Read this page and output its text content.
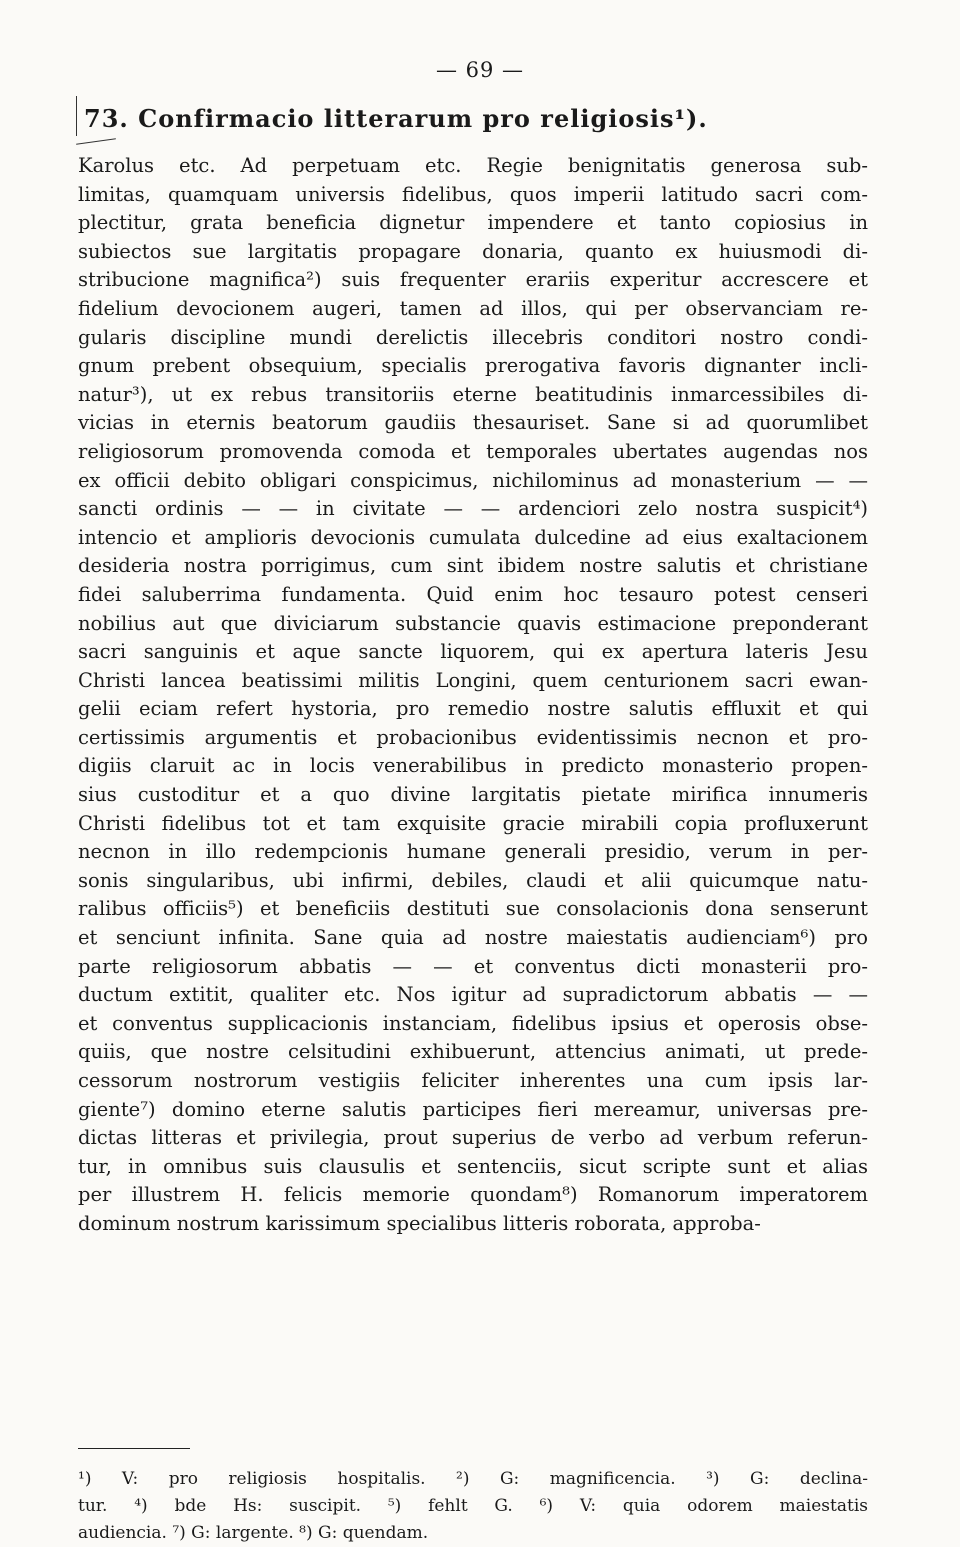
— 69 —
73. Confirmacio litterarum pro religiosis¹).
Karolus etc. Ad perpetuam etc. Regie benignitatis generosa sub-
limitas, quamquam universis fidelibus, quos imperii latitudo sacri com-
plectitur, grata beneficia dignetur impendere et tanto copiosius in
subiectos sue largitatis propagare donaria, quanto ex huiusmodi di-
stribucione magnifica²) suis frequenter erariis experitur accrescere et
fidelium devocionem augeri, tamen ad illos, qui per observanciam re-
gularis discipline mundi derelictis illecebris conditori nostro condi-
gnum prebent obsequium, specialis prerogativa favoris dignanter incli-
natur³), ut ex rebus transitoriis eterne beatitudinis inmarcessibiles di-
vicias in eternis beatorum gaudiis thesauriset. Sane si ad quorumlibet
religiosorum promovenda comoda et temporales ubertates augendas nos
ex officii debito obligari conspicimus, nichilominus ad monasterium — —
sancti ordinis — — in civitate — — ardenciori zelo nostra suspicit⁴)
intencio et amplioris devocionis cumulata dulcedine ad eius exaltacionem
desideria nostra porrigimus, cum sint ibidem nostre salutis et christiane
fidei saluberrima fundamenta. Quid enim hoc tesauro potest censeri
nobilius aut que diviciarum substancie quavis estimacione preponderant
sacri sanguinis et aque sancte liquorem, qui ex apertura lateris Jesu
Christi lancea beatissimi militis Longini, quem centurionem sacri ewan-
gelii eciam refert hystoria, pro remedio nostre salutis effluxit et qui
certissimis argumentis et probacionibus evidentissimis necnon et pro-
digiis claruit ac in locis venerabilibus in predicto monasterio propen-
sius custoditur et a quo divine largitatis pietate mirifica innumeris
Christi fidelibus tot et tam exquisite gracie mirabili copia profluxerunt
necnon in illo redempcionis humane generali presidio, verum in per-
sonis singularibus, ubi infirmi, debiles, claudi et alii quicumque natu-
ralibus officiis⁵) et beneficiis destituti sue consolacionis dona senserunt
et senciunt infinita. Sane quia ad nostre maiestatis audienciam⁶) pro
parte religiosorum abbatis — — et conventus dicti monasterii pro-
ductum extitit, qualiter etc. Nos igitur ad supradictorum abbatis — —
et conventus supplicacionis instanciam, fidelibus ipsius et operosis obse-
quiis, que nostre celsitudini exhibuerunt, attencius animati, ut prede-
cessorum nostrorum vestigiis feliciter inherentes una cum ipsis lar-
giente⁷) domino eterne salutis participes fieri mereamur, universas pre-
dictas litteras et privilegia, prout superius de verbo ad verbum referun-
tur, in omnibus suis clausulis et sentenciis, sicut scripte sunt et alias
per illustrem H. felicis memorie quondam⁸) Romanorum imperatorem
dominum nostrum karissimum specialibus litteris roborata, approba-
¹) V: pro religiosis hospitalis. ²) G: magnificencia. ³) G: declina-
tur. ⁴) bde Hs: suscipit. ⁵) fehlt G. ⁶) V: quia odorem maiestatis
audiencia. ⁷) G: largente. ⁸) G: quendam.
